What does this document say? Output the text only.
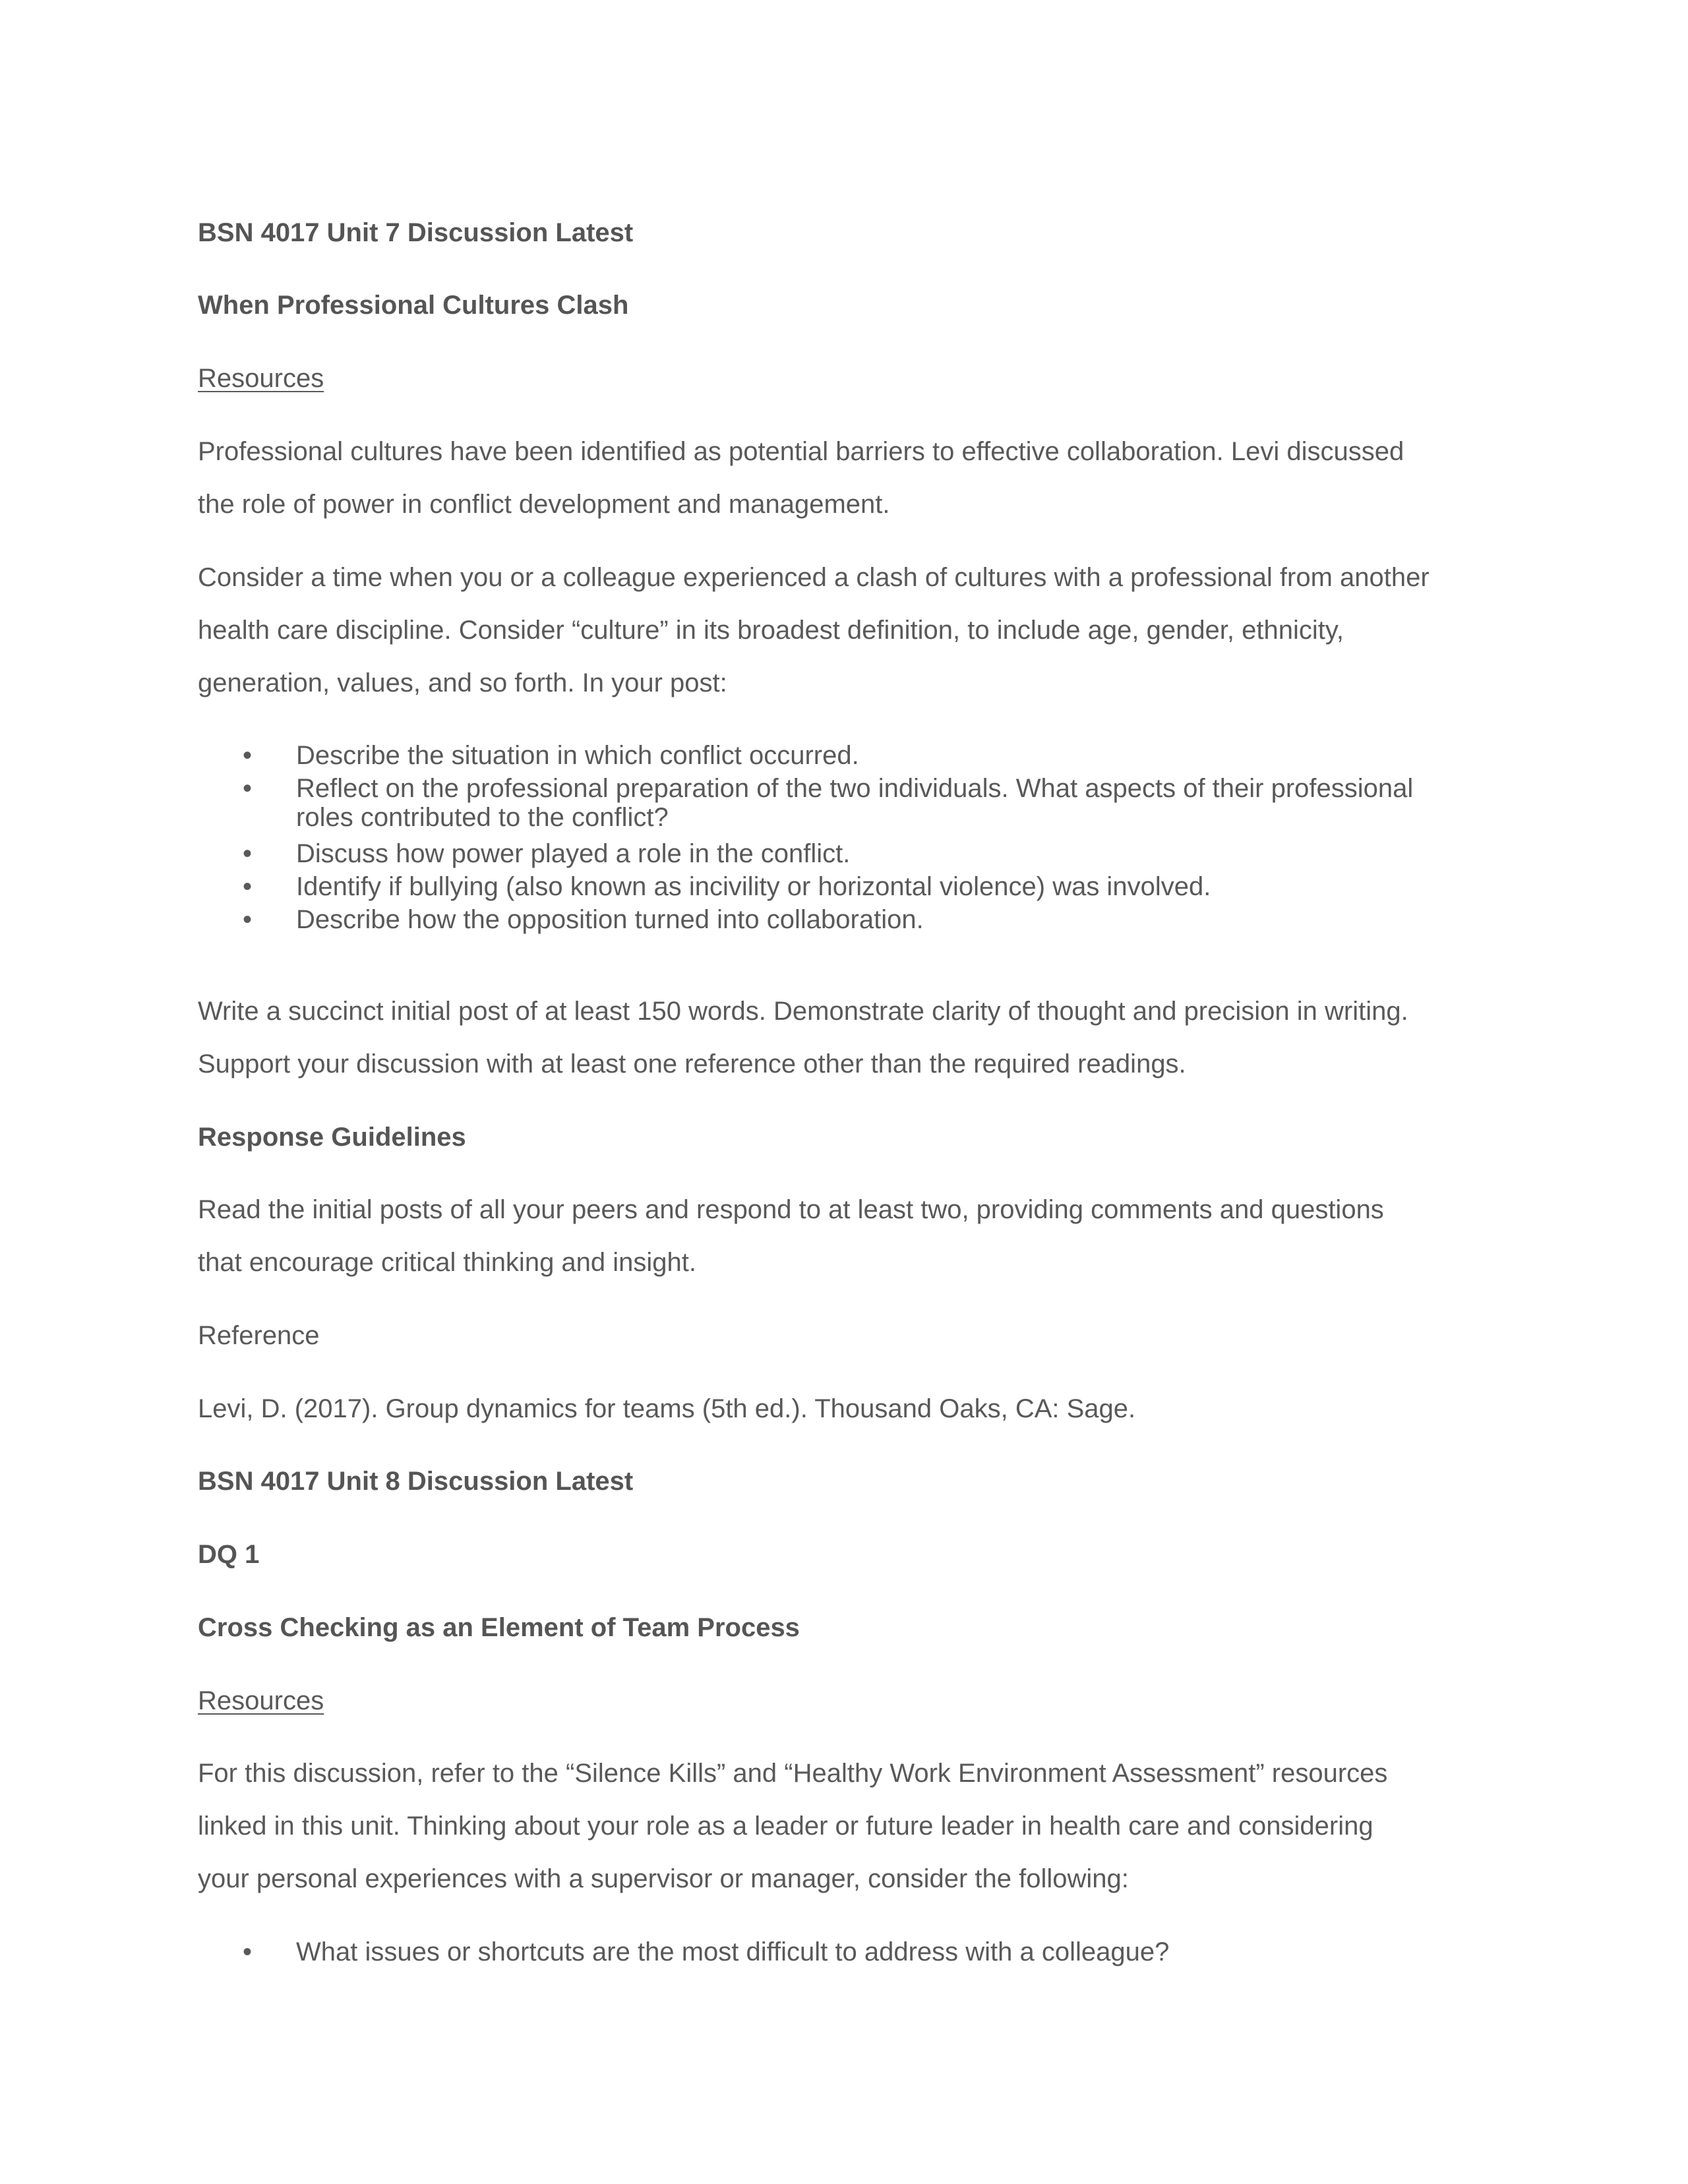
BSN 4017 Unit 7 Discussion Latest

When Professional Cultures Clash

Resources

Professional cultures have been identified as potential barriers to effective collaboration. Levi discussed

the role of power in conflict development and management.

Consider a time when you or a colleague experienced a clash of cultures with a professional from another

health care discipline. Consider “culture” in its broadest definition, to include age, gender, ethnicity,

generation, values, and so forth. In your post:

• Describe the situation in which conflict occurred.

• Reflect on the professional preparation of the two individuals. What aspects of their professional

roles contributed to the conflict?

• Discuss how power played a role in the conflict.

• Identify if bullying (also known as incivility or horizontal violence) was involved.

• Describe how the opposition turned into collaboration.

Write a succinct initial post of at least 150 words. Demonstrate clarity of thought and precision in writing.

Support your discussion with at least one reference other than the required readings.

Response Guidelines

Read the initial posts of all your peers and respond to at least two, providing comments and questions

that encourage critical thinking and insight.

Reference

Levi, D. (2017). Group dynamics for teams (5th ed.). Thousand Oaks, CA: Sage.

BSN 4017 Unit 8 Discussion Latest

DQ 1

Cross Checking as an Element of Team Process

Resources

For this discussion, refer to the “Silence Kills” and “Healthy Work Environment Assessment” resources

linked in this unit. Thinking about your role as a leader or future leader in health care and considering

your personal experiences with a supervisor or manager, consider the following:

• What issues or shortcuts are the most difficult to address with a colleague?
